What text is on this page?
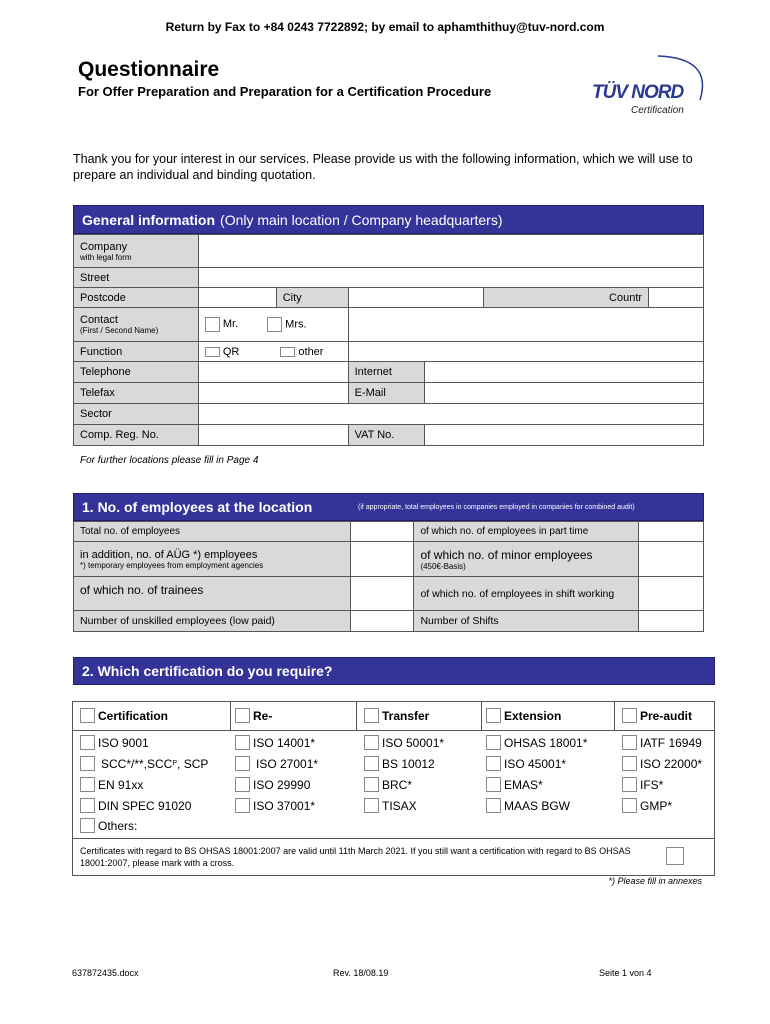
Return by Fax to +84 0243 7722892; by email to aphamthithuy@tuv-nord.com
Questionnaire
For Offer Preparation and Preparation for a Certification Procedure	TÜV NORD
Certification
Thank you for your interest in our services. Please provide us with the following information, which we will use to prepare an individual and binding quotation.
General information (Only main location / Company headquarters)
Company
with legal form						

Street						
Postcode		City			Countr	
Contact
(First / Second Name)	Mr. Mrs.					
Function	QR other					
Telephone			Internet			
Telefax			E-Mail			
Sector						
Comp. Reg. No.			VAT No.			
For further locations please fill in Page 4
1. No. of employees at the location	(if appropriate, total employees in companies employed in companies for combined audit)
Total no. of employees		of which no. of employees in part time	
in addition, no. of AÜG *) employees
*) temporary employees from employment agencies		of which no. of minor employees
(450€-Basis)	

of which no. of trainees		of which no. of employees in shift working	
Number of unskilled employees (low paid)		Number of Shifts	
2. Which certification do you require?
Certification	Re-	Transfer	Extension	Pre-audit
ISO 9001	ISO 14001*	ISO 50001*	OHSAS 18001*	IATF 16949
SCC*/**,SCC P , SCP	ISO 27001*	BS 10012	ISO 45001*	ISO 22000*
EN 91xx	ISO 29990	BRC*	EMAS*	IFS*
DIN SPEC 91020	ISO 37001*	TISAX	MAAS BGW	GMP*
Others:
Certificates with regard to BS OHSAS 18001:2007 are valid until 11th March 2021. If you still want a certification with regard to BS OHSAS 18001:2007, please mark with a cross.
*) Please fill in annexes
637872435.docx	Rev. 18/08.19	Seite 1 von 4
